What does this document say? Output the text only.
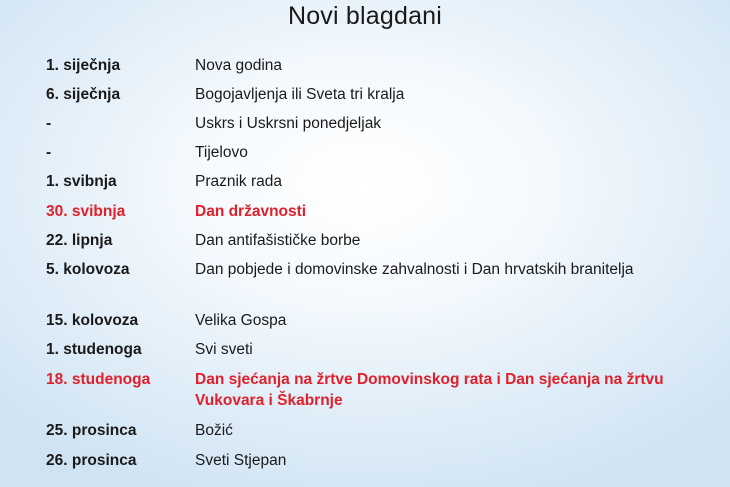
Novi blagdani
1. siječnja	Nova godina
6. siječnja	Bogojavljenja ili Sveta tri kralja
-	Uskrs i Uskrsni ponedjeljak
-	Tijelovo
1. svibnja	Praznik rada
30. svibnja	Dan državnosti
22. lipnja	Dan antifašističke borbe
5. kolovoza	Dan pobjede i domovinske zahvalnosti i Dan hrvatskih branitelja
15. kolovoza	Velika Gospa
1. studenoga	Svi sveti
18. studenoga	Dan sjećanja na žrtve Domovinskog rata i Dan sjećanja na žrtvu Vukovara i Škabrnje
25. prosinca	Božić
26. prosinca	Sveti Stjepan
